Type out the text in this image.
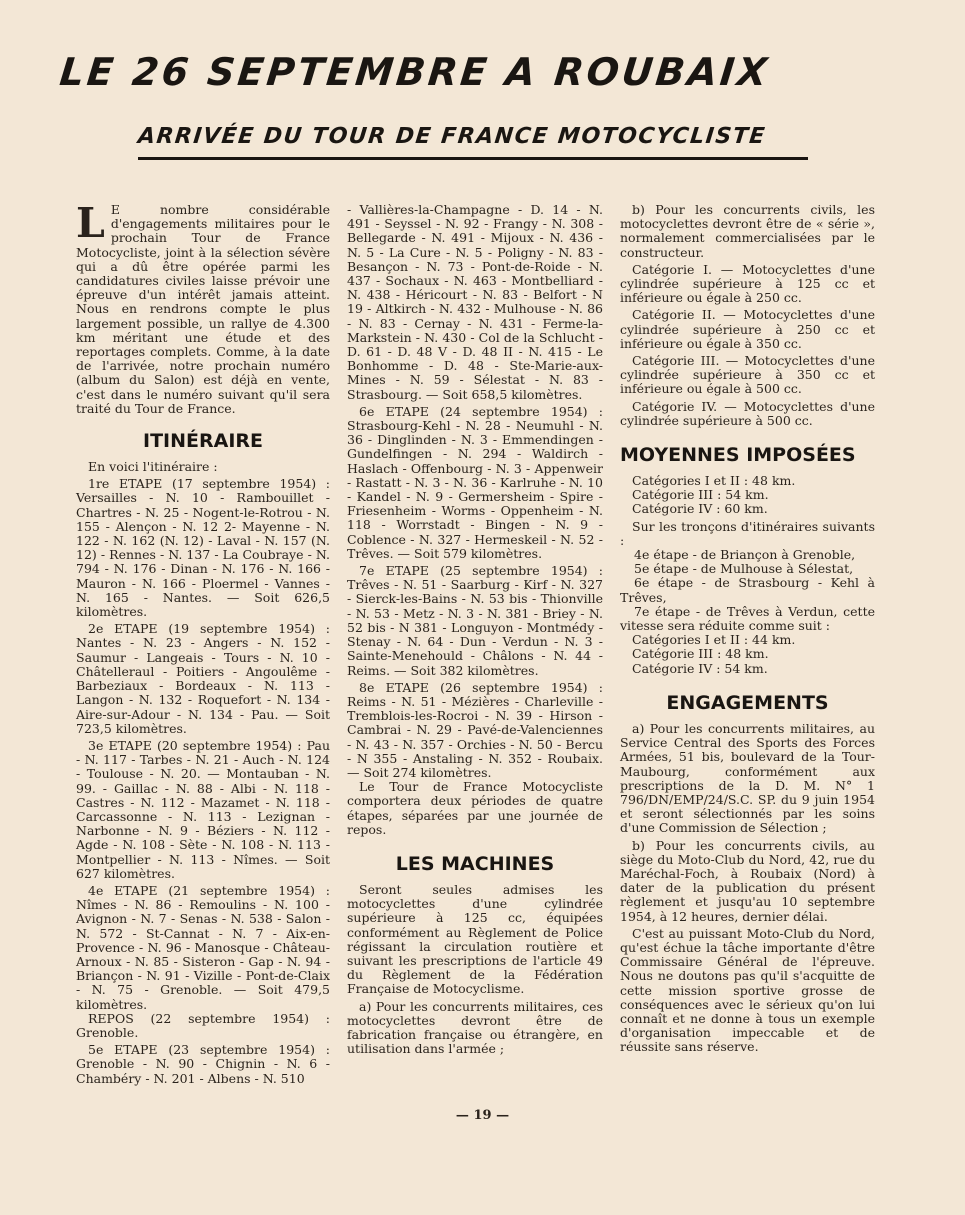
LE 26 SEPTEMBRE A ROUBAIX
ARRIVÉE DU TOUR DE FRANCE MOTOCYCLISTE

L E nombre considérable d'engagements militaires pour le prochain Tour de France Motocycliste, joint à la sélection sévère qui a dû être opérée parmi les candidatures civiles laisse prévoir une épreuve d'un intérêt jamais atteint. Nous en rendrons compte le plus largement possible, un rallye de 4.300 km méritant une étude et des reportages complets. Comme, à la date de l'arrivée, notre prochain numéro (album du Salon) est déjà en vente, c'est dans le numéro suivant qu'il sera traité du Tour de France.

ITINÉRAIRE

En voici l'itinéraire :

1re ETAPE (17 septembre 1954) : Versailles - N. 10 - Rambouillet - Chartres - N. 25 - Nogent-le-Rotrou - N. 155 - Alençon - N. 12 2- Mayenne - N. 122 - N. 162 (N. 12) - Laval - N. 157 (N. 12) - Rennes - N. 137 - La Coubraye - N. 794 - N. 176 - Dinan - N. 176 - N. 166 - Mauron - N. 166 - Ploermel - Vannes - N. 165 - Nantes. — Soit 626,5 kilomètres.

2e ETAPE (19 septembre 1954) : Nantes - N. 23 - Angers - N. 152 - Saumur - Langeais - Tours - N. 10 - Châtelleraul - Poitiers - Angoulême - Barbeziaux - Bordeaux - N. 113 - Langon - N. 132 - Roquefort - N. 134 - Aire-sur-Adour - N. 134 - Pau. — Soit 723,5 kilomètres.

3e ETAPE (20 septembre 1954) : Pau - N. 117 - Tarbes - N. 21 - Auch - N. 124 - Toulouse - N. 20. — Montauban - N. 99. - Gaillac - N. 88 - Albi - N. 118 - Castres - N. 112 - Mazamet - N. 118 - Carcassonne - N. 113 - Lezignan - Narbonne - N. 9 - Béziers - N. 112 - Agde - N. 108 - Sète - N. 108 - N. 113 - Montpellier - N. 113 - Nîmes. — Soit 627 kilomètres.

4e ETAPE (21 septembre 1954) : Nîmes - N. 86 - Remoulins - N. 100 - Avignon - N. 7 - Senas - N. 538 - Salon - N. 572 - St-Cannat - N. 7 - Aix-en-Provence - N. 96 - Manosque - Château-Arnoux - N. 85 - Sisteron - Gap - N. 94 - Briançon - N. 91 - Vizille - Pont-de-Claix - N. 75 - Grenoble. — Soit 479,5 kilomètres.

REPOS (22 septembre 1954) : Grenoble.

5e ETAPE (23 septembre 1954) : Grenoble - N. 90 - Chignin - N. 6 - Chambéry - N. 201 - Albens - N. 510

- Vallières-la-Champagne - D. 14 - N. 491 - Seyssel - N. 92 - Frangy - N. 308 - Bellegarde - N. 491 - Mijoux - N. 436 - N. 5 - La Cure - N. 5 - Poligny - N. 83 - Besançon - N. 73 - Pont-de-Roide - N. 437 - Sochaux - N. 463 - Montbelliard - N. 438 - Héricourt - N. 83 - Belfort - N 19 - Altkirch - N. 432 - Mulhouse - N. 86 - N. 83 - Cernay - N. 431 - Ferme-la-Markstein - N. 430 - Col de la Schlucht - D. 61 - D. 48 V - D. 48 II - N. 415 - Le Bonhomme - D. 48 - Ste-Marie-aux-Mines - N. 59 - Sélestat - N. 83 - Strasbourg. — Soit 658,5 kilomètres.

6e ETAPE (24 septembre 1954) : Strasbourg-Kehl - N. 28 - Neumuhl - N. 36 - Dinglinden - N. 3 - Emmendingen - Gundelfingen - N. 294 - Waldirch - Haslach - Offenbourg - N. 3 - Appenweir - Rastatt - N. 3 - N. 36 - Karlruhe - N. 10 - Kandel - N. 9 - Germersheim - Spire - Friesenheim - Worms - Oppenheim - N. 118 - Worrstadt - Bingen - N. 9 - Coblence - N. 327 - Hermeskeil - N. 52 - Trêves. — Soit 579 kilomètres.

7e ETAPE (25 septembre 1954) : Trêves - N. 51 - Saarburg - Kirf - N. 327 - Sierck-les-Bains - N. 53 bis - Thionville - N. 53 - Metz - N. 3 - N. 381 - Briey - N. 52 bis - N 381 - Longuyon - Montmédy - Stenay - N. 64 - Dun - Verdun - N. 3 - Sainte-Menehould - Châlons - N. 44 - Reims. — Soit 382 kilomètres.

8e ETAPE (26 septembre 1954) : Reims - N. 51 - Mézières - Charleville - Tremblois-les-Rocroi - N. 39 - Hirson - Cambrai - N. 29 - Pavé-de-Valenciennes - N. 43 - N. 357 - Orchies - N. 50 - Bercu - N 355 - Anstaling - N. 352 - Roubaix. — Soit 274 kilomètres.

Le Tour de France Motocycliste comportera deux périodes de quatre étapes, séparées par une journée de repos.

LES MACHINES

Seront seules admises les motocyclettes d'une cylindrée supérieure à 125 cc, équipées conformément au Règlement de Police régissant la circulation routière et suivant les prescriptions de l'article 49 du Règlement de la Fédération Française de Motocyclisme.

a) Pour les concurrents militaires, ces motocyclettes devront être de fabrication française ou étrangère, en utilisation dans l'armée ;

b) Pour les concurrents civils, les motocyclettes devront être de « série », normalement commercialisées par le constructeur.

Catégorie I. — Motocyclettes d'une cylindrée supérieure à 125 cc et inférieure ou égale à 250 cc.

Catégorie II. — Motocyclettes d'une cylindrée supérieure à 250 cc et inférieure ou égale à 350 cc.

Catégorie III. — Motocyclettes d'une cylindrée supérieure à 350 cc et inférieure ou égale à 500 cc.

Catégorie IV. — Motocyclettes d'une cylindrée supérieure à 500 cc.

MOYENNES IMPOSÉES

Catégories I et II : 48 km.

Catégorie III : 54 km.

Catégorie IV : 60 km.

Sur les tronçons d'itinéraires suivants :

4e étape - de Briançon à Grenoble,

5e étape - de Mulhouse à Sélestat,

6e étape - de Strasbourg - Kehl à Trêves,

7e étape - de Trêves à Verdun, cette vitesse sera réduite comme suit :

Catégories I et II : 44 km.

Catégorie III : 48 km.

Catégorie IV : 54 km.

ENGAGEMENTS

a) Pour les concurrents militaires, au Service Central des Sports des Forces Armées, 51 bis, boulevard de la Tour-Maubourg, conformément aux prescriptions de la D. M. N° 1 796/DN/EMP/24/S.C. SP. du 9 juin 1954 et seront sélectionnés par les soins d'une Commission de Sélection ;

b) Pour les concurrents civils, au siège du Moto-Club du Nord, 42, rue du Maréchal-Foch, à Roubaix (Nord) à dater de la publication du présent règlement et jusqu'au 10 septembre 1954, à 12 heures, dernier délai.

C'est au puissant Moto-Club du Nord, qu'est échue la tâche importante d'être Commissaire Général de l'épreuve. Nous ne doutons pas qu'il s'acquitte de cette mission sportive grosse de conséquences avec le sérieux qu'on lui connaît et ne donne à tous un exemple d'organisation impeccable et de réussite sans réserve.

— 19 —
